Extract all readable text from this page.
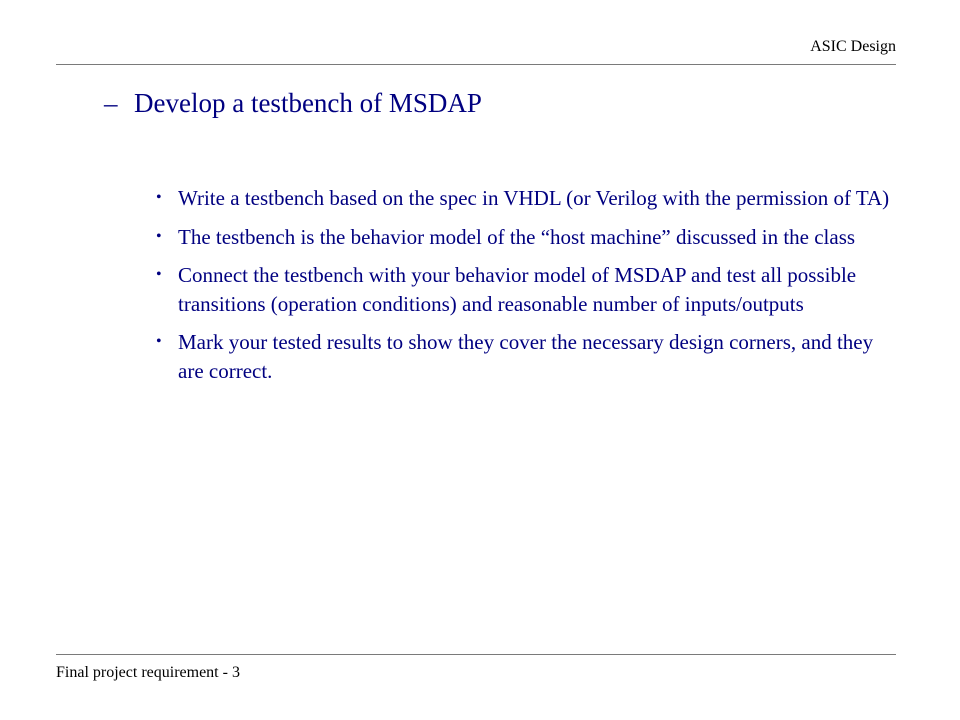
ASIC Design
– Develop a testbench of MSDAP
• Write a testbench based on the spec in VHDL (or Verilog with the permission of TA)
• The testbench is the behavior model of the “host machine” discussed in the class
• Connect the testbench with your behavior model of MSDAP and test all possible transitions (operation conditions) and reasonable number of inputs/outputs
• Mark your tested results to show they cover the necessary design corners, and they are correct.
Final project requirement - 3
